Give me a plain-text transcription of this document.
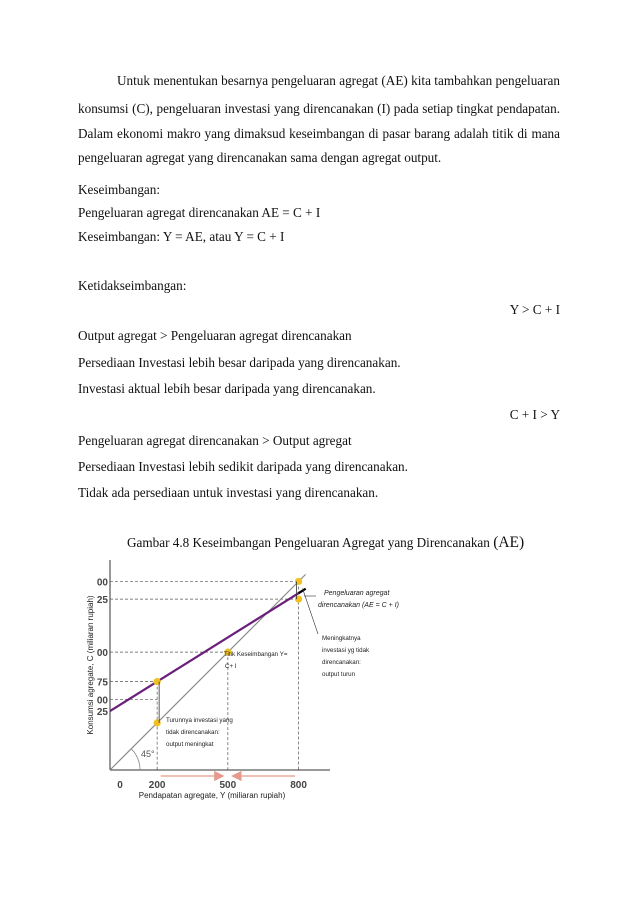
Untuk menentukan besarnya pengeluaran agregat (AE) kita tambahkan pengeluaran
konsumsi (C), pengeluaran investasi yang direncanakan (I) pada setiap tingkat pendapatan.
Dalam ekonomi makro yang dimaksud keseimbangan di pasar barang adalah titik di mana
pengeluaran agregat yang direncanakan sama dengan agregat output.
Keseimbangan:
Pengeluaran agregat direncanakan AE = C + I
Keseimbangan: Y = AE, atau Y = C + I
Ketidakseimbangan:
Y > C + I
Output agregat > Pengeluaran agregat direncanakan
Persediaan Investasi lebih besar daripada yang direncanakan.
Investasi aktual lebih besar daripada yang direncanakan.
C + I > Y
Pengeluaran agregat direncanakan > Output agregat
Persediaan Investasi lebih sedikit daripada yang direncanakan.
Tidak ada persediaan untuk investasi yang direncanakan.
Gambar 4.8 Keseimbangan Pengeluaran Agregat yang Direncanakan (AE)
Konsumsi agregate, C (miliaran rupiah)
Pendapatan agregate, Y (miliaran rupiah)
00
25
00
75
00
25
0	200	500	800
45°
Pengeluaran agregat
direncanakan (AE = C + I)
Meningkatnya
investasi yg tidak
direncanakan:
output turun
Titik Keseimbangan Y=
C+ I
Turunnya investasi yang
tidak direncanakan:
output meningkat
